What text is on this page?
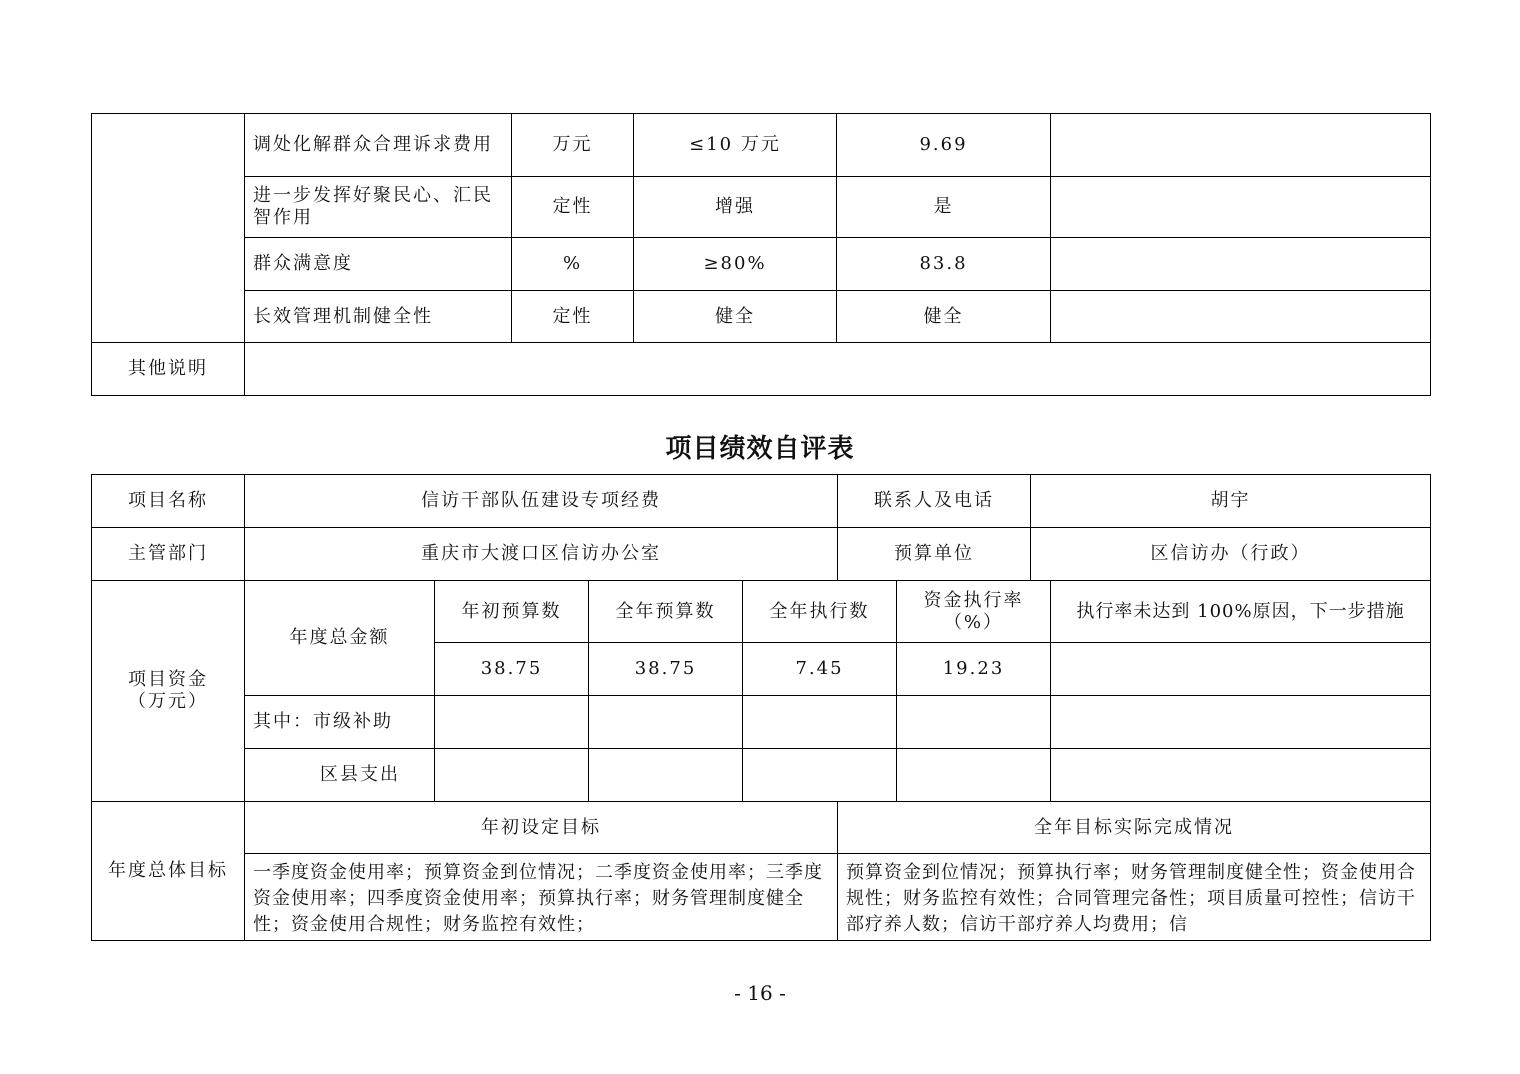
	调处化解群众合理诉求费用	万元	≤10 万元	9.69	
	进一步发挥好聚民心、汇民智作用	定性	增强	是	
	群众满意度	%	≥80%	83.8	
	长效管理机制健全性	定性	健全	健全	
其他说明					
项目绩效自评表
项目名称	信访干部队伍建设专项经费				联系人及电话		胡宇	
主管部门	重庆市大渡口区信访办公室				预算单位		区信访办（行政）	

项目资金
（万元）	年度总金额	年初预算数	全年预算数	全年执行数		资金执行率（%）		执行率未达到 100%原因，下一步措施
		38.75	38.75	7.45		19.23		
	其中：市级补助							
	区县支出							
年度总体目标	年初设定目标				全年目标实际完成情况			

	一季度资金使用率；预算资金到位情况；二季度资金使用率；三季度资金使用率；四季度资金使用率；预算执行率；财务管理制度健全性；资金使用合规性；财务监控有效性；				预算资金到位情况；预算执行率；财务管理制度健全性；资金使用合规性；财务监控有效性；合同管理完备性；项目质量可控性；信访干部疗养人数；信访干部疗养人均费用；信			
- 16 -
